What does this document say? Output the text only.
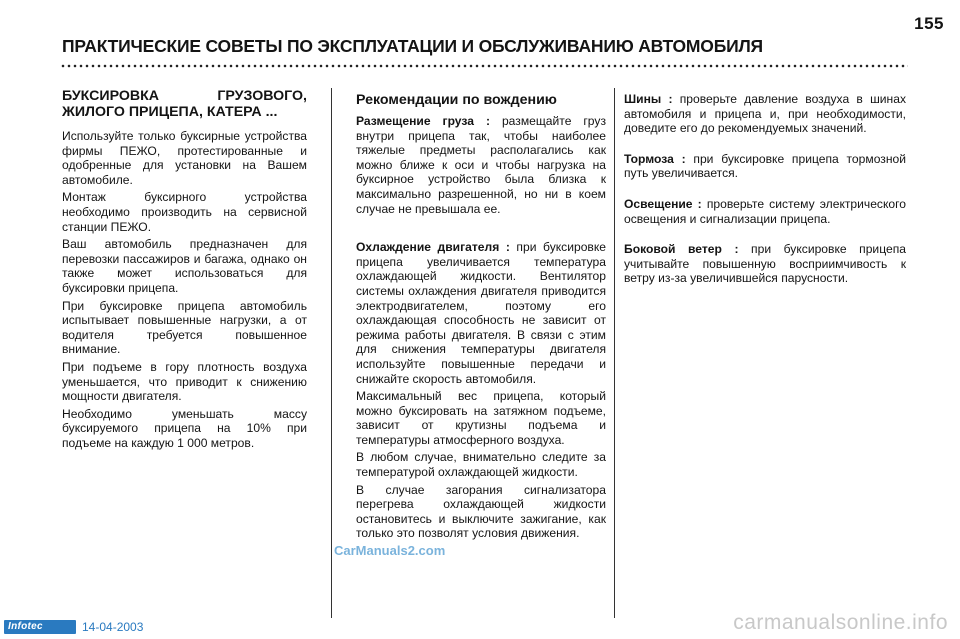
155
ПРАКТИЧЕСКИЕ СОВЕТЫ ПО ЭКСПЛУАТАЦИИ И ОБСЛУЖИВАНИЮ АВТОМОБИЛЯ
БУКСИРОВКА ГРУЗОВОГО,
ЖИЛОГО ПРИЦЕПА, КАТЕРА ...

Используйте только буксирные устройства фирмы ПЕЖО, протестированные и одобренные для установки на Вашем автомобиле.

Монтаж буксирного устройства необходимо производить на сервисной станции ПЕЖО.

Ваш автомобиль предназначен для перевозки пассажиров и багажа, однако он также может использоваться для буксировки прицепа.

При буксировке прицепа автомобиль испытывает повышенные нагрузки, а от водителя требуется повышенное внимание.

При подъеме в гору плотность воздуха уменьшается, что приводит к снижению мощности двигателя.

Необходимо уменьшать массу буксируемого прицепа на 10% при подъеме на каждую 1 000 метров.

Рекомендации по вождению

Размещение груза : размещайте груз внутри прицепа так, чтобы наиболее тяжелые предметы располагались как можно ближе к оси и чтобы нагрузка на буксирное устройство была близка к максимально разрешенной, но ни в коем случае не превышала ее.

Охлаждение двигателя : при буксировке прицепа увеличивается температура охлаждающей жидкости. Вентилятор системы охлаждения двигателя приводится электродвигателем, поэтому его охлаждающая способность не зависит от режима работы двигателя. В связи с этим для снижения температуры двигателя используйте повышенные передачи и снижайте скорость автомобиля.

Максимальный вес прицепа, который можно буксировать на затяжном подъеме, зависит от крутизны подъема и температуры атмосферного воздуха.

В любом случае, внимательно следите за температурой охлаждающей жидкости.

В случае загорания сигнализатора перегрева охлаждающей жидкости остановитесь и выключите зажигание, как только это позволят условия движения.

Шины : проверьте давление воздуха в шинах автомобиля и прицепа и, при необходимости, доведите его до рекомендуемых значений.

Тормоза : при буксировке прицепа тормозной путь увеличивается.

Освещение : проверьте систему электрического освещения и сигнализации прицепа.

Боковой ветер : при буксировке прицепа учитывайте повышенную восприимчивость к ветру из-за увеличившейся парусности.

CarManuals2.com
Infotec	14-04-2003	carmanualsonline.info
